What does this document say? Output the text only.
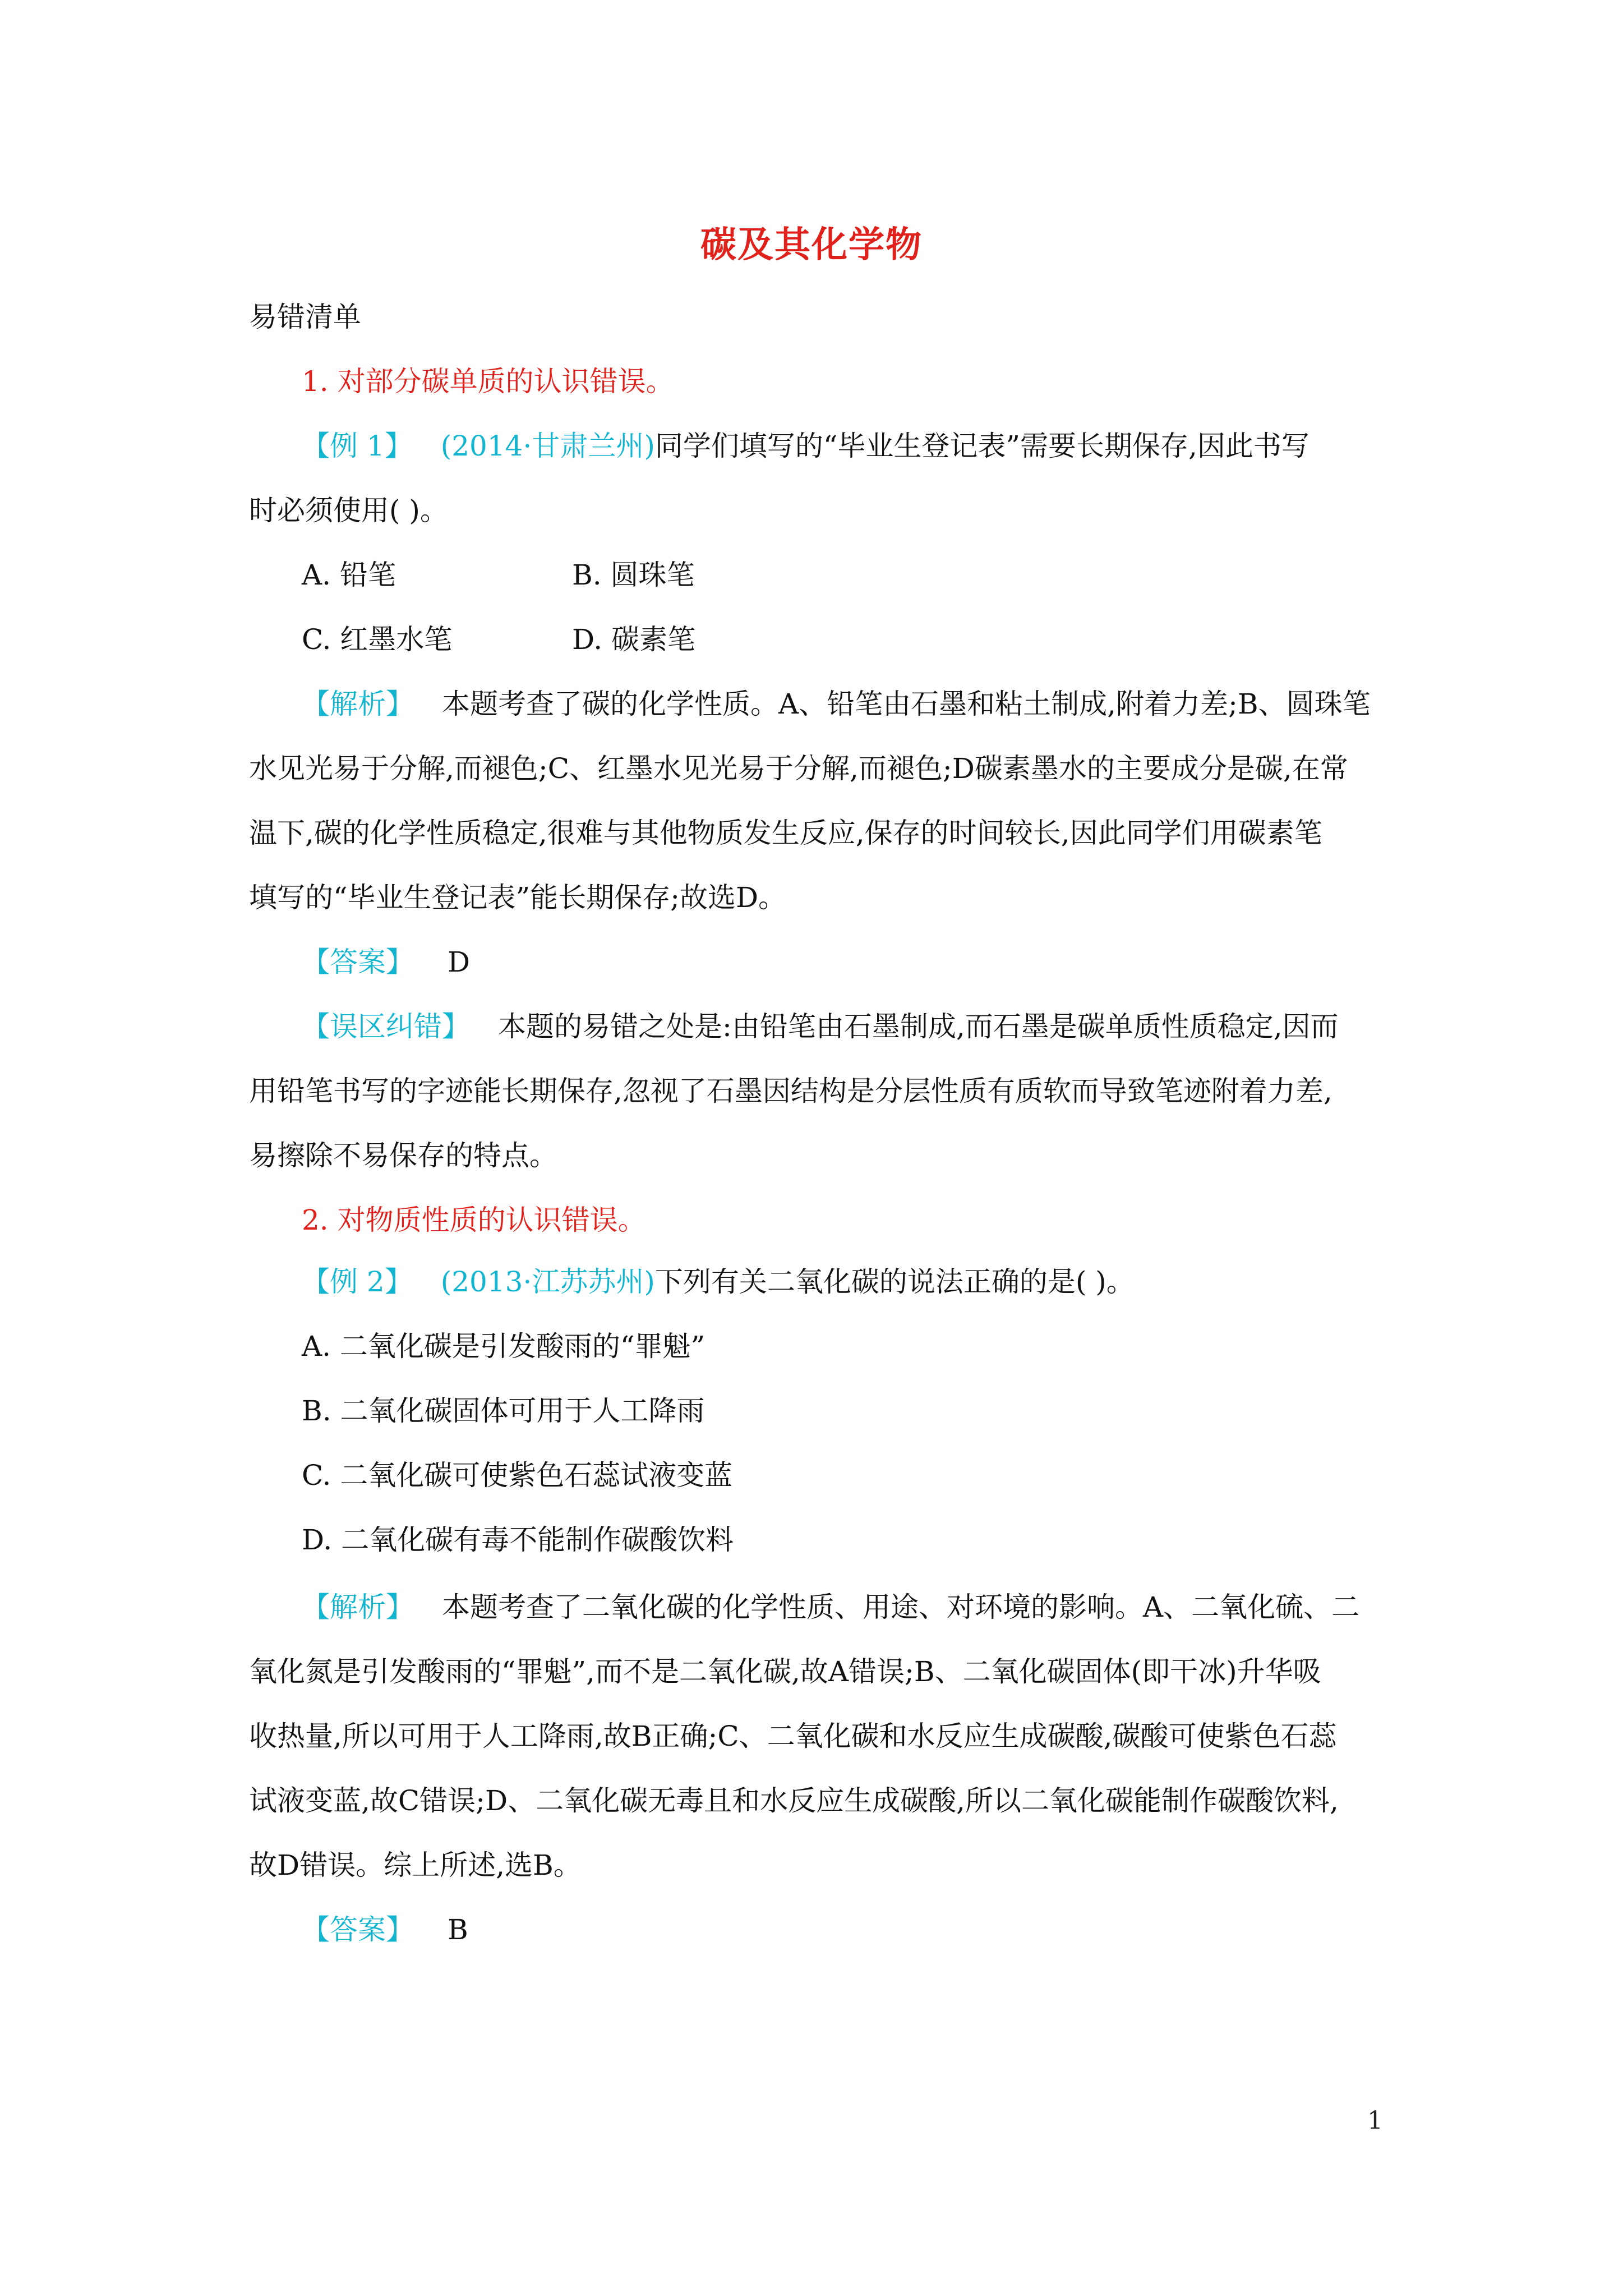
碳及其化学物
易错清单
1. 对部分碳单质的认识错误。
【例 1】 (2014·甘肃兰州)同学们填写的“毕业生登记表”需要长期保存,因此书写
时必须使用( )。
A. 铅笔	B. 圆珠笔
C. 红墨水笔	D. 碳素笔
【解析】 本题考查了碳的化学性质。A、铅笔由石墨和粘土制成,附着力差;B、圆珠笔
水见光易于分解,而褪色;C、红墨水见光易于分解,而褪色;D碳素墨水的主要成分是碳,在常
温下,碳的化学性质稳定,很难与其他物质发生反应,保存的时间较长,因此同学们用碳素笔
填写的“毕业生登记表”能长期保存;故选D。
【答案】 D
【误区纠错】 本题的易错之处是:由铅笔由石墨制成,而石墨是碳单质性质稳定,因而
用铅笔书写的字迹能长期保存,忽视了石墨因结构是分层性质有质软而导致笔迹附着力差,
易擦除不易保存的特点。
2. 对物质性质的认识错误。
【例 2】 (2013·江苏苏州)下列有关二氧化碳的说法正确的是( )。
A. 二氧化碳是引发酸雨的“罪魁”
B. 二氧化碳固体可用于人工降雨
C. 二氧化碳可使紫色石蕊试液变蓝
D. 二氧化碳有毒不能制作碳酸饮料
【解析】 本题考查了二氧化碳的化学性质、用途、对环境的影响。A、二氧化硫、二
氧化氮是引发酸雨的“罪魁”,而不是二氧化碳,故A错误;B、二氧化碳固体(即干冰)升华吸
收热量,所以可用于人工降雨,故B正确;C、二氧化碳和水反应生成碳酸,碳酸可使紫色石蕊
试液变蓝,故C错误;D、二氧化碳无毒且和水反应生成碳酸,所以二氧化碳能制作碳酸饮料,
故D错误。综上所述,选B。
【答案】 B
1
